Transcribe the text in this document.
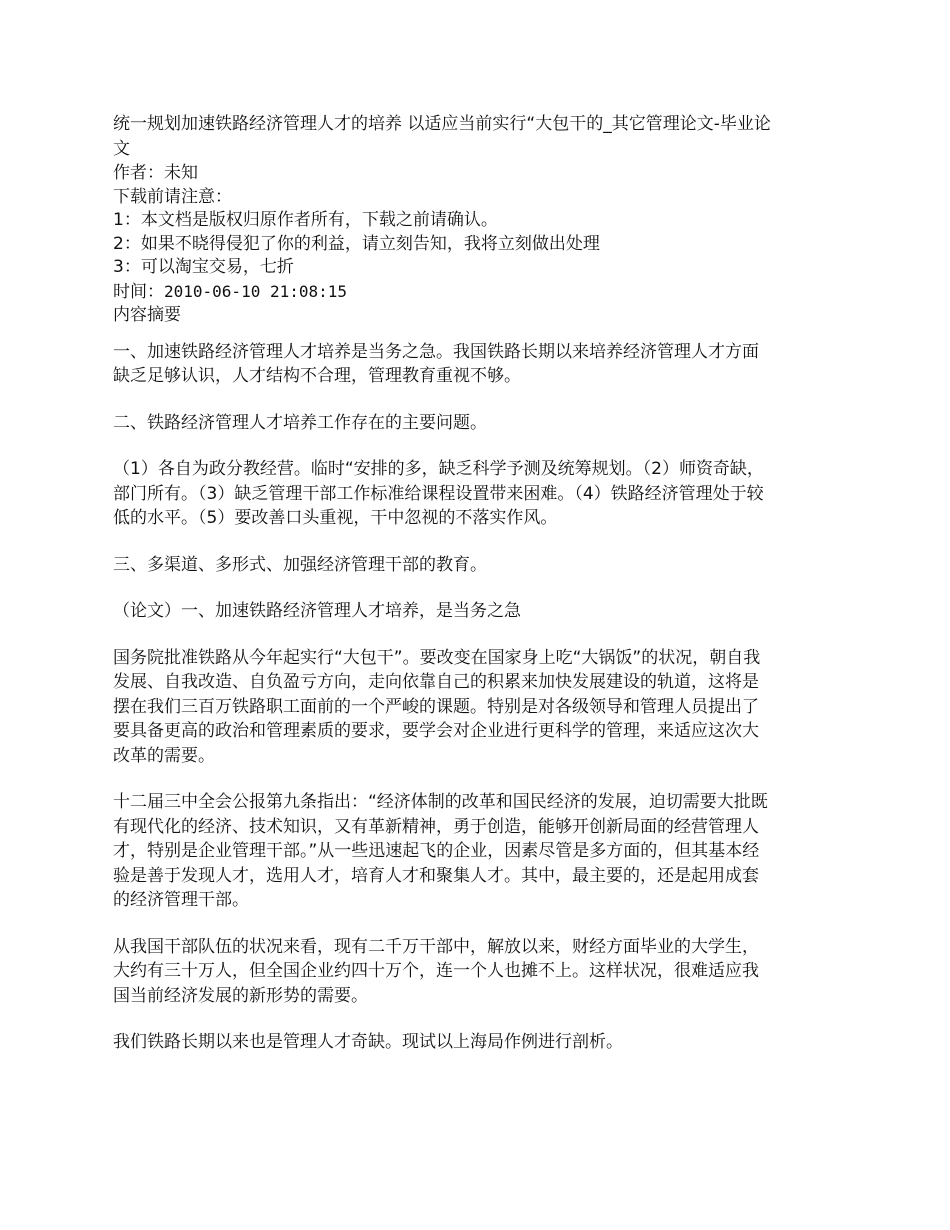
统一规划加速铁路经济管理人才的培养 以适应当前实行“大包干的_其它管理论文-毕业论文

作者：未知

下载前请注意：

1：本文档是版权归原作者所有，下载之前请确认。

2：如果不晓得侵犯了你的利益，请立刻告知，我将立刻做出处理

3：可以淘宝交易，七折

时间：2010-06-10 21:08:15

内容摘要

一、加速铁路经济管理人才培养是当务之急。我国铁路长期以来培养经济管理人才方面缺乏足够认识，人才结构不合理，管理教育重视不够。

二、铁路经济管理人才培养工作存在的主要问题。

（1）各自为政分教经营。临时“安排的多，缺乏科学予测及统筹规划。（2）师资奇缺，部门所有。（3）缺乏管理干部工作标准给课程设置带来困难。（4）铁路经济管理处于较低的水平。（5）要改善口头重视，干中忽视的不落实作风。

三、多渠道、多形式、加强经济管理干部的教育。

（论文）一、加速铁路经济管理人才培养，是当务之急

国务院批准铁路从今年起实行“大包干”。要改变在国家身上吃“大锅饭”的状况，朝自我发展、自我改造、自负盈亏方向，走向依靠自己的积累来加快发展建设的轨道，这将是摆在我们三百万铁路职工面前的一个严峻的课题。特别是对各级领导和管理人员提出了要具备更高的政治和管理素质的要求，要学会对企业进行更科学的管理，来适应这次大改革的需要。

十二届三中全会公报第九条指出：“经济体制的改革和国民经济的发展，迫切需要大批既有现代化的经济、技术知识，又有革新精神，勇于创造，能够开创新局面的经营管理人才，特别是企业管理干部。”从一些迅速起飞的企业，因素尽管是多方面的，但其基本经验是善于发现人才，选用人才，培育人才和聚集人才。其中，最主要的，还是起用成套的经济管理干部。

从我国干部队伍的状况来看，现有二千万干部中，解放以来，财经方面毕业的大学生，大约有三十万人，但全国企业约四十万个，连一个人也摊不上。这样状况，很难适应我国当前经济发展的新形势的需要。

我们铁路长期以来也是管理人才奇缺。现试以上海局作例进行剖析。
